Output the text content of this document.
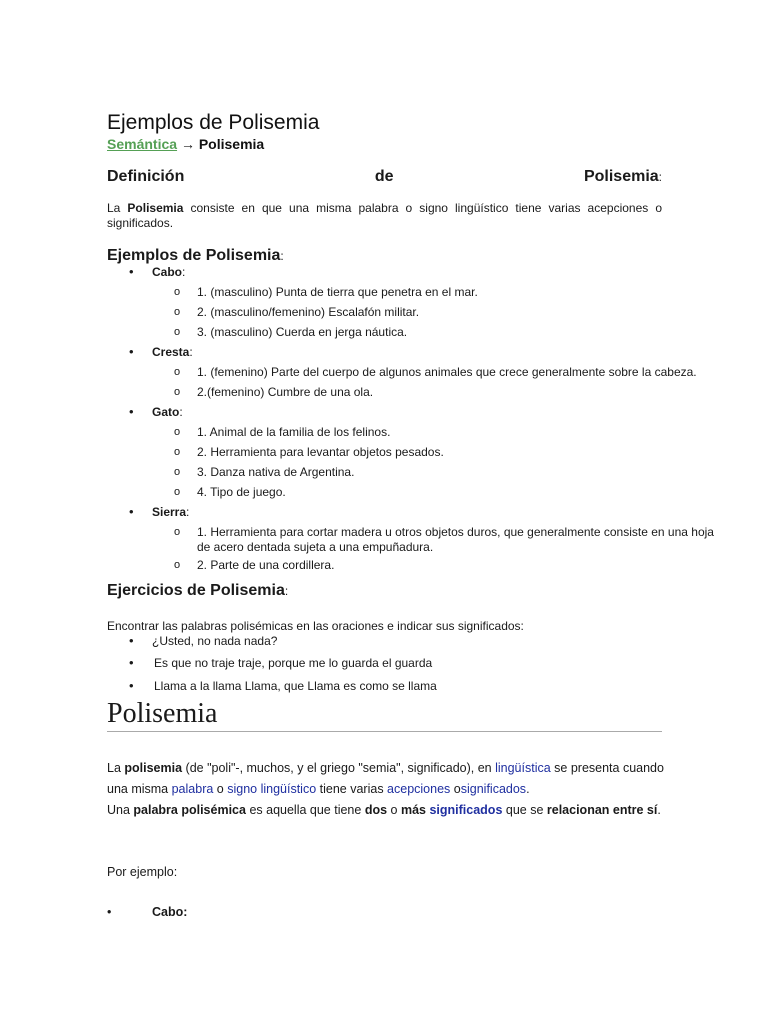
Ejemplos de Polisemia
Semántica → Polisemia
Definición	de	Polisemia:
La Polisemia consiste en que una misma palabra o signo lingüístico tiene varias acepciones o significados.
Ejemplos de Polisemia:
• Cabo:
o 1. (masculino) Punta de tierra que penetra en el mar.
o 2. (masculino/femenino) Escalafón militar.
o 3. (masculino) Cuerda en jerga náutica.
• Cresta:
o 1. (femenino) Parte del cuerpo de algunos animales que crece generalmente sobre la cabeza.
o 2.(femenino) Cumbre de una ola.
• Gato:
o 1. Animal de la familia de los felinos.
o 2. Herramienta para levantar objetos pesados.
o 3. Danza nativa de Argentina.
o 4. Tipo de juego.
• Sierra:
o 1. Herramienta para cortar madera u otros objetos duros, que generalmente consiste en una hoja de acero dentada sujeta a una empuñadura.
o 2. Parte de una cordillera.
Ejercicios de Polisemia:
Encontrar las palabras polisémicas en las oraciones e indicar sus significados:
• ¿Usted, no nada nada?
• Es que no traje traje, porque me lo guarda el guarda
• Llama a la llama Llama, que Llama es como se llama
Polisemia
La polisemia (de "poli"-, muchos, y el griego "semia", significado), en lingüística se presenta cuando una misma palabra o signo lingüístico tiene varias acepciones osignificados.
Una palabra polisémica es aquella que tiene dos o más significados que se relacionan entre sí.
Por ejemplo:
• Cabo:
